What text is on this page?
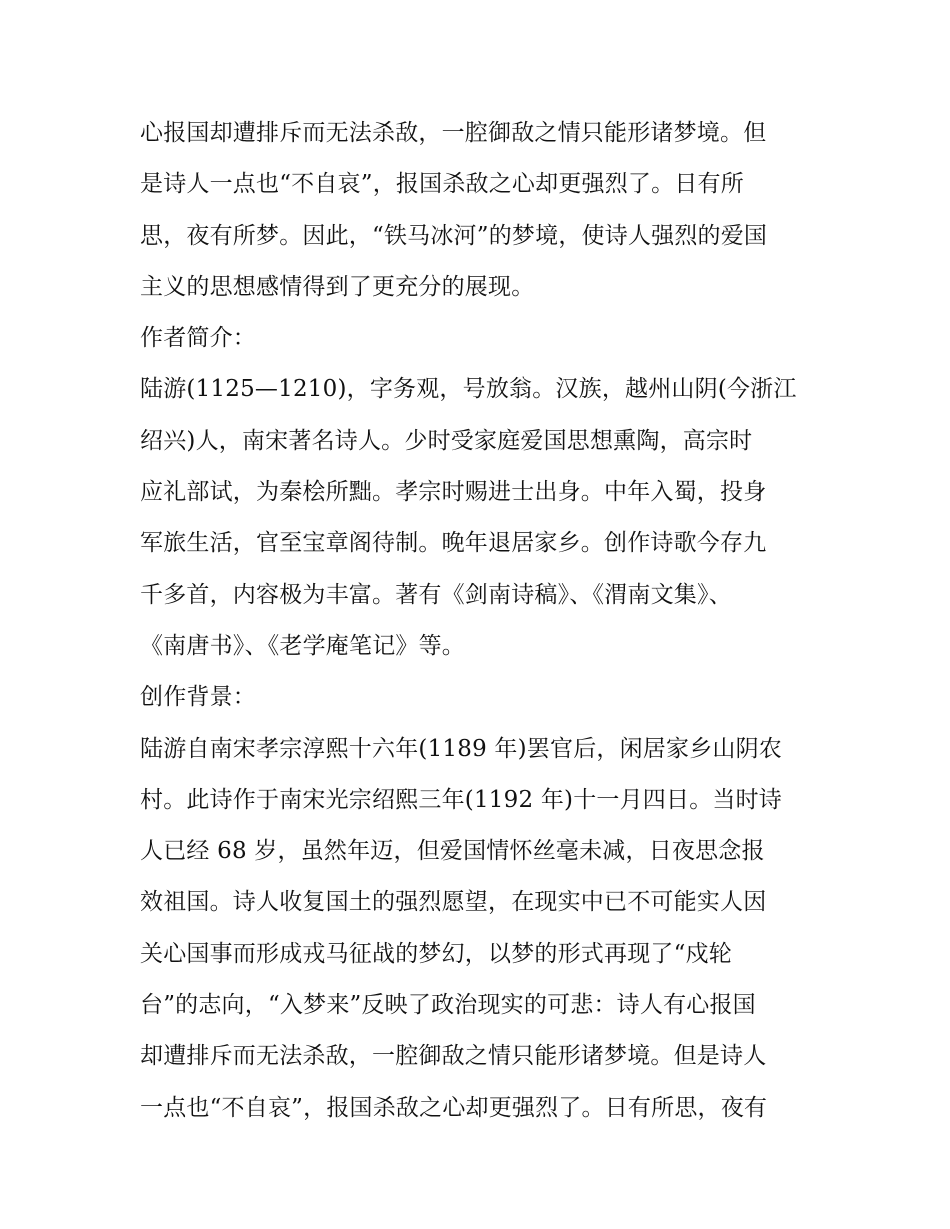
心报国却遭排斥而无法杀敌，一腔御敌之情只能形诸梦境。但
是诗人一点也“不自哀”，报国杀敌之心却更强烈了。日有所
思，夜有所梦。因此，“铁马冰河”的梦境，使诗人强烈的爱国
主义的思想感情得到了更充分的展现。
作者简介：
陆游(1125—1210)，字务观，号放翁。汉族，越州山阴(今浙江
绍兴)人，南宋著名诗人。少时受家庭爱国思想熏陶，高宗时
应礼部试，为秦桧所黜。孝宗时赐进士出身。中年入蜀，投身
军旅生活，官至宝章阁待制。晚年退居家乡。创作诗歌今存九
千多首，内容极为丰富。著有《剑南诗稿》、《渭南文集》、
《南唐书》、《老学庵笔记》等。
创作背景：
陆游自南宋孝宗淳熙十六年(1189 年)罢官后，闲居家乡山阴农
村。此诗作于南宋光宗绍熙三年(1192 年)十一月四日。当时诗
人已经 68 岁，虽然年迈，但爱国情怀丝毫未减，日夜思念报
效祖国。诗人收复国土的强烈愿望，在现实中已不可能实人因
关心国事而形成戎马征战的梦幻，以梦的形式再现了“戍轮
台”的志向，“入梦来”反映了政治现实的可悲：诗人有心报国
却遭排斥而无法杀敌，一腔御敌之情只能形诸梦境。但是诗人
一点也“不自哀”，报国杀敌之心却更强烈了。日有所思，夜有
